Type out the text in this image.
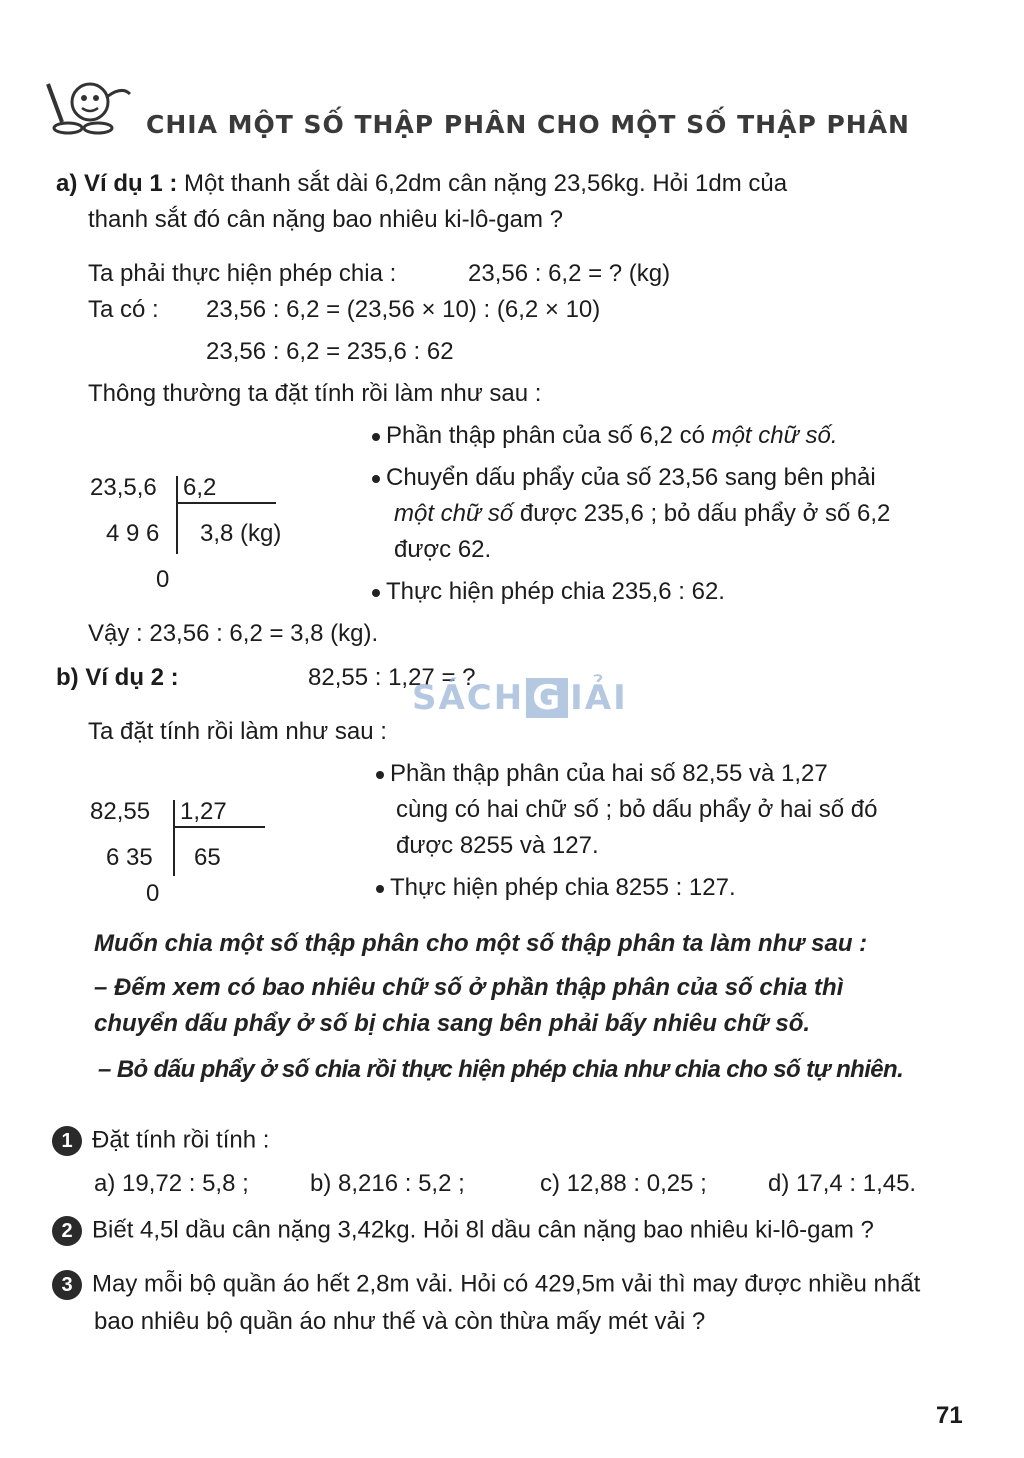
CHIA MỘT SỐ THẬP PHÂN CHO MỘT SỐ THẬP PHÂN
a) Ví dụ 1 : Một thanh sắt dài 6,2dm cân nặng 23,56kg. Hỏi 1dm của
thanh sắt đó cân nặng bao nhiêu ki-lô-gam ?
Ta phải thực hiện phép chia :	23,56 : 6,2 = ? (kg)
Ta có : 23,56 : 6,2 = (23,56 × 10) : (6,2 × 10)
23,56 : 6,2 = 235,6 : 62
Thông thường ta đặt tính rồi làm như sau :
23,5,6 6,2
4 9 6 3,8 (kg)
0
Phần thập phân của số 6,2 có một chữ số.
Chuyển dấu phẩy của số 23,56 sang bên phải
một chữ số được 235,6 ; bỏ dấu phẩy ở số 6,2
được 62.
Thực hiện phép chia 235,6 : 62.
Vậy : 23,56 : 6,2 = 3,8 (kg).
b) Ví dụ 2 :	82,55 : 1,27 = ?
SÁCH G IẢI
Ta đặt tính rồi làm như sau :
82,55 1,27
6 35 65
0
Phần thập phân của hai số 82,55 và 1,27
cùng có hai chữ số ; bỏ dấu phẩy ở hai số đó
được 8255 và 127.
Thực hiện phép chia 8255 : 127.
Muốn chia một số thập phân cho một số thập phân ta làm như sau :
– Đếm xem có bao nhiêu chữ số ở phần thập phân của số chia thì
chuyển dấu phẩy ở số bị chia sang bên phải bấy nhiêu chữ số.
– Bỏ dấu phẩy ở số chia rồi thực hiện phép chia như chia cho số tự nhiên.
1 Đặt tính rồi tính :
a) 19,72 : 5,8 ;	b) 8,216 : 5,2 ;	c) 12,88 : 0,25 ;	d) 17,4 : 1,45.
2 Biết 4,5l dầu cân nặng 3,42kg. Hỏi 8l dầu cân nặng bao nhiêu ki-lô-gam ?
3 May mỗi bộ quần áo hết 2,8m vải. Hỏi có 429,5m vải thì may được nhiều nhất
bao nhiêu bộ quần áo như thế và còn thừa mấy mét vải ?
71
